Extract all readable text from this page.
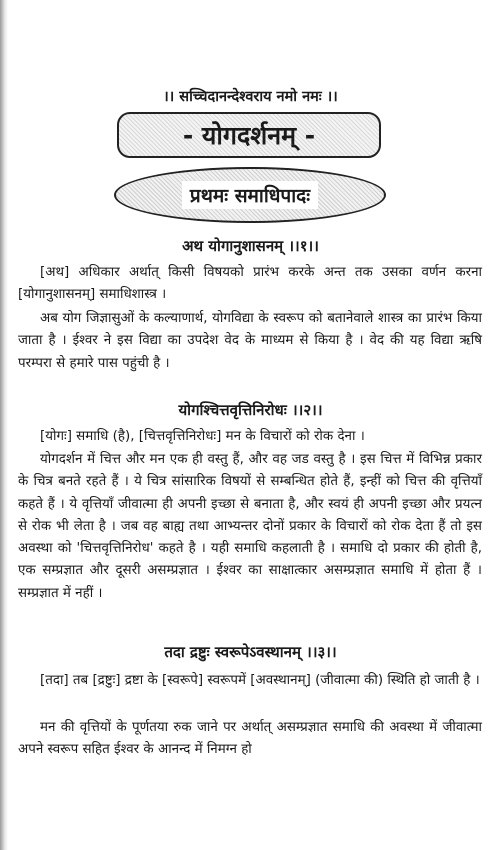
।। सच्चिदानन्देश्वराय नमो नमः ।।
- योगदर्शनम् -
प्रथमः समाधिपादः
अथ योगानुशासनम् ।।१।।

[अथ] अधिकार अर्थात् किसी विषयको प्रारंभ करके अन्त तक उसका वर्णन करना [योगानुशासनम्] समाधिशास्त्र ।

अब योग जिज्ञासुओं के कल्याणार्थ, योगविद्या के स्वरूप को बतानेवाले शास्त्र का प्रारंभ किया जाता है । ईश्वर ने इस विद्या का उपदेश वेद के माध्यम से किया है । वेद की यह विद्या ऋषि परम्परा से हमारे पास पहुंची है ।

योगश्चित्तवृत्तिनिरोधः ।।२।।

[योगः] समाधि (है), [चित्तवृत्तिनिरोधः] मन के विचारों को रोक देना ।

योगदर्शन में चित्त और मन एक ही वस्तु हैं, और वह जड वस्तु है । इस चित्त में विभिन्न प्रकार के चित्र बनते रहते हैं । ये चित्र सांसारिक विषयों से सम्बन्धित होते हैं, इन्हीं को चित्त की वृत्तियाँ कहते हैं । ये वृत्तियाँ जीवात्मा ही अपनी इच्छा से बनाता है, और स्वयं ही अपनी इच्छा और प्रयत्न से रोक भी लेता है । जब वह बाह्य तथा आभ्यन्तर दोनों प्रकार के विचारों को रोक देता हैं तो इस अवस्था को 'चित्तवृत्तिनिरोध' कहते है । यही समाधि कहलाती है । समाधि दो प्रकार की होती है, एक सम्प्रज्ञात और दूसरी असम्प्रज्ञात । ईश्वर का साक्षात्कार असम्प्रज्ञात समाधि में होता हैं । सम्प्रज्ञात में नहीं ।

तदा द्रष्टुः स्वरूपेऽवस्थानम् ।।३।।

[तदा] तब [द्रष्टुः] द्रष्टा के [स्वरूपे] स्वरूपमें [अवस्थानम्] (जीवात्मा की) स्थिति हो जाती है ।

मन की वृत्तियों के पूर्णतया रुक जाने पर अर्थात् असम्प्रज्ञात समाधि की अवस्था में जीवात्मा अपने स्वरूप सहित ईश्वर के आनन्द में निमग्न हो
